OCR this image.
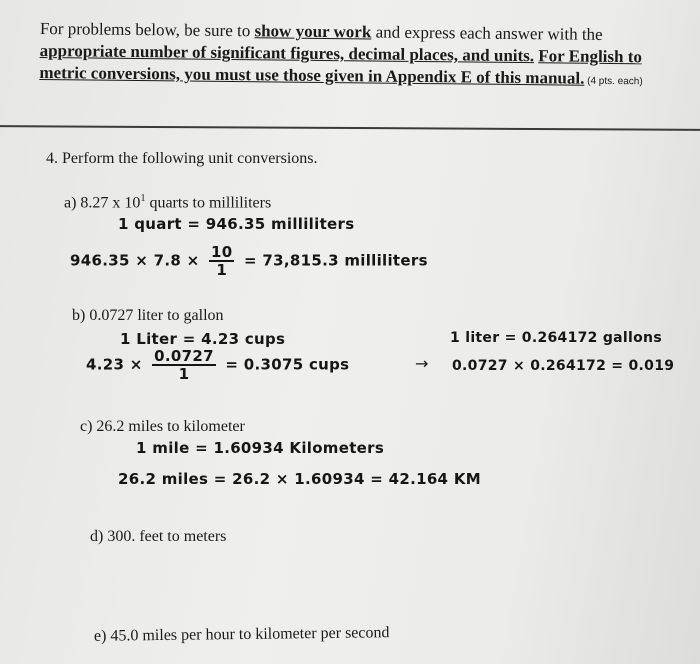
For problems below, be sure to show your work and express each answer with the appropriate number of significant figures, decimal places, and units. For English to metric conversions, you must use those given in Appendix E of this manual. (4 pts. each)
4. Perform the following unit conversions.
a) 8.27 x $10^1$ quarts to milliliters
1 quart = 946.35 milliliters
$946.35 \times 7.8 \times \frac{10}{1} = 73,815.3$ milliliters
b) 0.0727 liter to gallon
1 Liter = 4.23 cups
$4.23 \times \frac{0.0727}{1} = 0.3075$ cups	→
1 liter = 0.264172 gallons
0.0727 × 0.264172 = 0.019
c) 26.2 miles to kilometer
1 mile = 1.60934 Kilometers
26.2 miles = 26.2 × 1.60934 = 42.164 KM
d) 300. feet to meters
e) 45.0 miles per hour to kilometer per second
